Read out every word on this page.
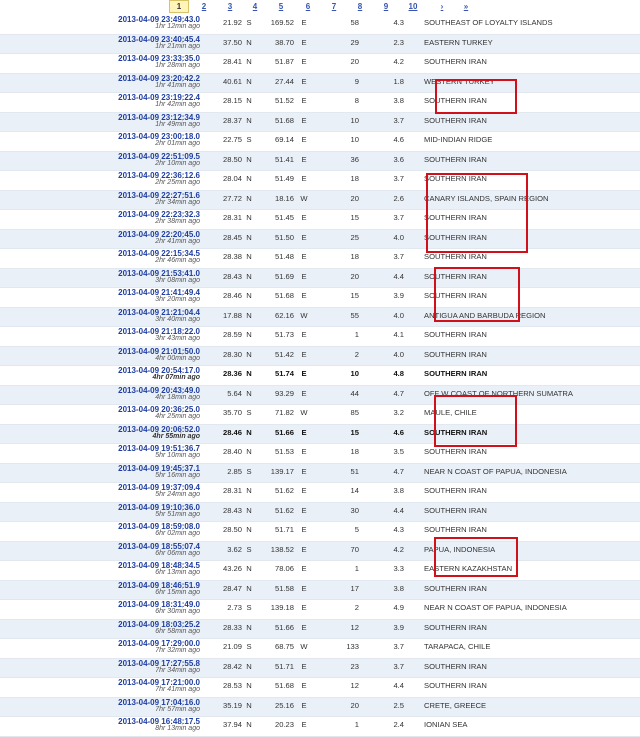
1	2	3	4	5	6	7	8	9	10	›	»
2013-04-09 23:49:43.0
1hr 12min ago	21.92	S	169.52	E	58	4.3	SOUTHEAST OF LOYALTY ISLANDS
2013-04-09 23:40:45.4
1hr 21min ago	37.50	N	38.70	E	29	2.3	EASTERN TURKEY
2013-04-09 23:33:35.0
1hr 28min ago	28.41	N	51.87	E	20	4.2	SOUTHERN IRAN
2013-04-09 23:20:42.2
1hr 41min ago	40.61	N	27.44	E	9	1.8	WESTERN TURKEY
2013-04-09 23:19:22.4
1hr 42min ago	28.15	N	51.52	E	8	3.8	SOUTHERN IRAN
2013-04-09 23:12:34.9
1hr 49min ago	28.37	N	51.68	E	10	3.7	SOUTHERN IRAN
2013-04-09 23:00:18.0
2hr 01min ago	22.75	S	69.14	E	10	4.6	MID-INDIAN RIDGE
2013-04-09 22:51:09.5
2hr 10min ago	28.50	N	51.41	E	36	3.6	SOUTHERN IRAN
2013-04-09 22:36:12.6
2hr 25min ago	28.04	N	51.49	E	18	3.7	SOUTHERN IRAN
2013-04-09 22:27:51.6
2hr 34min ago	27.72	N	18.16	W	20	2.6	CANARY ISLANDS, SPAIN REGION
2013-04-09 22:23:32.3
2hr 38min ago	28.31	N	51.45	E	15	3.7	SOUTHERN IRAN
2013-04-09 22:20:45.0
2hr 41min ago	28.45	N	51.50	E	25	4.0	SOUTHERN IRAN
2013-04-09 22:15:34.5
2hr 46min ago	28.38	N	51.48	E	18	3.7	SOUTHERN IRAN
2013-04-09 21:53:41.0
3hr 08min ago	28.43	N	51.69	E	20	4.4	SOUTHERN IRAN
2013-04-09 21:41:49.4
3hr 20min ago	28.46	N	51.68	E	15	3.9	SOUTHERN IRAN
2013-04-09 21:21:04.4
3hr 40min ago	17.88	N	62.16	W	55	4.0	ANTIGUA AND BARBUDA REGION
2013-04-09 21:18:22.0
3hr 43min ago	28.59	N	51.73	E	1	4.1	SOUTHERN IRAN
2013-04-09 21:01:50.0
4hr 00min ago	28.30	N	51.42	E	2	4.0	SOUTHERN IRAN
2013-04-09 20:54:17.0
4hr 07min ago	28.36	N	51.74	E	10	4.8	SOUTHERN IRAN
2013-04-09 20:43:49.0
4hr 18min ago	5.64	N	93.29	E	44	4.7	OFF W COAST OF NORTHERN SUMATRA
2013-04-09 20:36:25.0
4hr 25min ago	35.70	S	71.82	W	85	3.2	MAULE, CHILE
2013-04-09 20:06:52.0
4hr 55min ago	28.46	N	51.66	E	15	4.6	SOUTHERN IRAN
2013-04-09 19:51:36.7
5hr 10min ago	28.40	N	51.53	E	18	3.5	SOUTHERN IRAN
2013-04-09 19:45:37.1
5hr 16min ago	2.85	S	139.17	E	51	4.7	NEAR N COAST OF PAPUA, INDONESIA
2013-04-09 19:37:09.4
5hr 24min ago	28.31	N	51.62	E	14	3.8	SOUTHERN IRAN
2013-04-09 19:10:36.0
5hr 51min ago	28.43	N	51.62	E	30	4.4	SOUTHERN IRAN
2013-04-09 18:59:08.0
6hr 02min ago	28.50	N	51.71	E	5	4.3	SOUTHERN IRAN
2013-04-09 18:55:07.4
6hr 06min ago	3.62	S	138.52	E	70	4.2	PAPUA, INDONESIA
2013-04-09 18:48:34.5
6hr 13min ago	43.26	N	78.06	E	1	3.3	EASTERN KAZAKHSTAN
2013-04-09 18:46:51.9
6hr 15min ago	28.47	N	51.58	E	17	3.8	SOUTHERN IRAN
2013-04-09 18:31:49.0
6hr 30min ago	2.73	S	139.18	E	2	4.9	NEAR N COAST OF PAPUA, INDONESIA
2013-04-09 18:03:25.2
6hr 58min ago	28.33	N	51.66	E	12	3.9	SOUTHERN IRAN
2013-04-09 17:29:00.0
7hr 32min ago	21.09	S	68.75	W	133	3.7	TARAPACA, CHILE
2013-04-09 17:27:55.8
7hr 34min ago	28.42	N	51.71	E	23	3.7	SOUTHERN IRAN
2013-04-09 17:21:00.0
7hr 41min ago	28.53	N	51.68	E	12	4.4	SOUTHERN IRAN
2013-04-09 17:04:16.0
7hr 57min ago	35.19	N	25.16	E	20	2.5	CRETE, GREECE
2013-04-09 16:48:17.5
8hr 13min ago	37.94	N	20.23	E	1	2.4	IONIAN SEA
